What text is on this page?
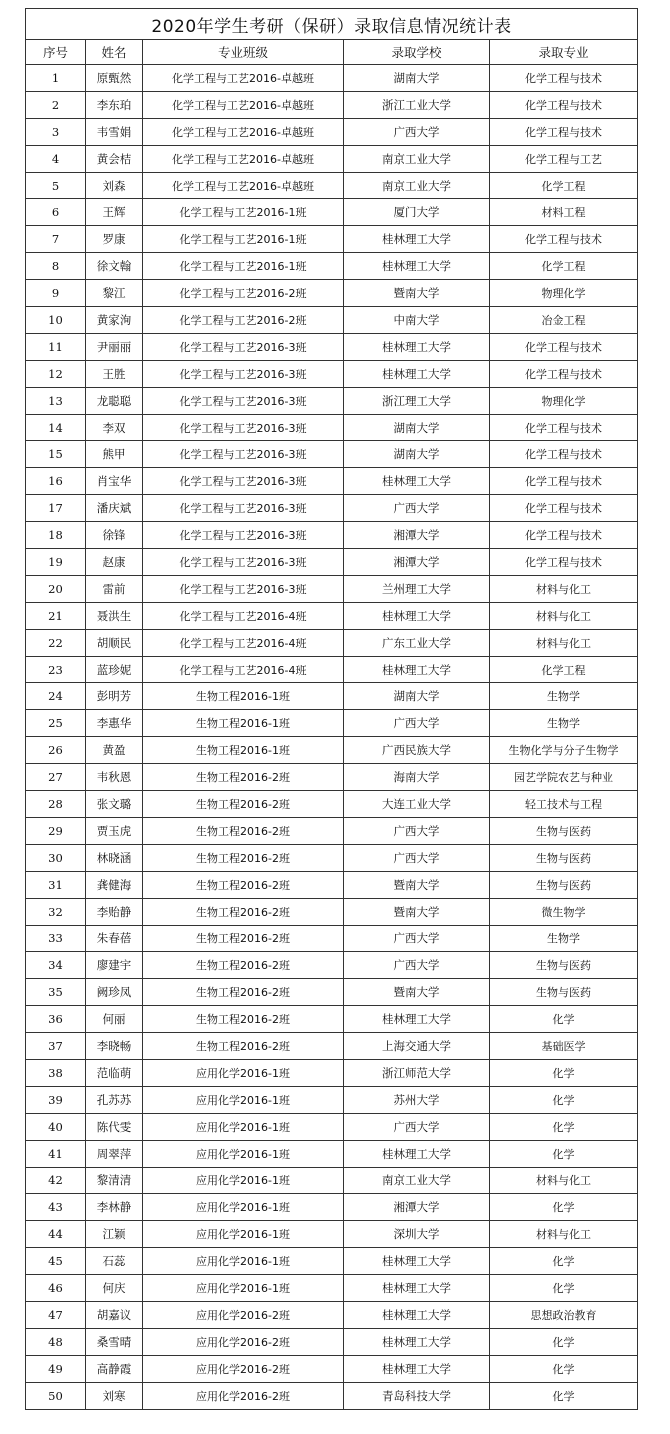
2020年学生考研（保研）录取信息情况统计表				
序号	姓名	专业班级	录取学校	录取专业
1	原甄然	化学工程与工艺2016-卓越班	湖南大学	化学工程与技术
2	李东珀	化学工程与工艺2016-卓越班	浙江工业大学	化学工程与技术
3	韦雪娟	化学工程与工艺2016-卓越班	广西大学	化学工程与技术
4	黄会桔	化学工程与工艺2016-卓越班	南京工业大学	化学工程与工艺
5	刘森	化学工程与工艺2016-卓越班	南京工业大学	化学工程
6	王辉	化学工程与工艺2016-1班	厦门大学	材料工程
7	罗康	化学工程与工艺2016-1班	桂林理工大学	化学工程与技术
8	徐文翰	化学工程与工艺2016-1班	桂林理工大学	化学工程
9	黎江	化学工程与工艺2016-2班	暨南大学	物理化学
10	黄家洵	化学工程与工艺2016-2班	中南大学	冶金工程
11	尹丽丽	化学工程与工艺2016-3班	桂林理工大学	化学工程与技术
12	王胜	化学工程与工艺2016-3班	桂林理工大学	化学工程与技术
13	龙聪聪	化学工程与工艺2016-3班	浙江理工大学	物理化学
14	李双	化学工程与工艺2016-3班	湖南大学	化学工程与技术
15	熊甲	化学工程与工艺2016-3班	湖南大学	化学工程与技术
16	肖宝华	化学工程与工艺2016-3班	桂林理工大学	化学工程与技术
17	潘庆斌	化学工程与工艺2016-3班	广西大学	化学工程与技术
18	徐锋	化学工程与工艺2016-3班	湘潭大学	化学工程与技术
19	赵康	化学工程与工艺2016-3班	湘潭大学	化学工程与技术
20	雷前	化学工程与工艺2016-3班	兰州理工大学	材料与化工
21	聂洪生	化学工程与工艺2016-4班	桂林理工大学	材料与化工
22	胡顺民	化学工程与工艺2016-4班	广东工业大学	材料与化工
23	蓝珍妮	化学工程与工艺2016-4班	桂林理工大学	化学工程
24	彭明芳	生物工程2016-1班	湖南大学	生物学
25	李惠华	生物工程2016-1班	广西大学	生物学
26	黄盈	生物工程2016-1班	广西民族大学	生物化学与分子生物学
27	韦秋恩	生物工程2016-2班	海南大学	园艺学院农艺与种业
28	张文璐	生物工程2016-2班	大连工业大学	轻工技术与工程
29	贾玉虎	生物工程2016-2班	广西大学	生物与医药
30	林晓涵	生物工程2016-2班	广西大学	生物与医药
31	龚健海	生物工程2016-2班	暨南大学	生物与医药
32	李贻静	生物工程2016-2班	暨南大学	微生物学
33	朱春蓓	生物工程2016-2班	广西大学	生物学
34	廖建宇	生物工程2016-2班	广西大学	生物与医药
35	阙珍凤	生物工程2016-2班	暨南大学	生物与医药
36	何丽	生物工程2016-2班	桂林理工大学	化学
37	李晓畅	生物工程2016-2班	上海交通大学	基础医学
38	范临萌	应用化学2016-1班	浙江师范大学	化学
39	孔苏苏	应用化学2016-1班	苏州大学	化学
40	陈代雯	应用化学2016-1班	广西大学	化学
41	周翠萍	应用化学2016-1班	桂林理工大学	化学
42	黎清清	应用化学2016-1班	南京工业大学	材料与化工
43	李林静	应用化学2016-1班	湘潭大学	化学
44	江颖	应用化学2016-1班	深圳大学	材料与化工
45	石蕊	应用化学2016-1班	桂林理工大学	化学
46	何庆	应用化学2016-1班	桂林理工大学	化学
47	胡嘉议	应用化学2016-2班	桂林理工大学	思想政治教育
48	桑雪晴	应用化学2016-2班	桂林理工大学	化学
49	高静霞	应用化学2016-2班	桂林理工大学	化学
50	刘寒	应用化学2016-2班	青岛科技大学	化学
